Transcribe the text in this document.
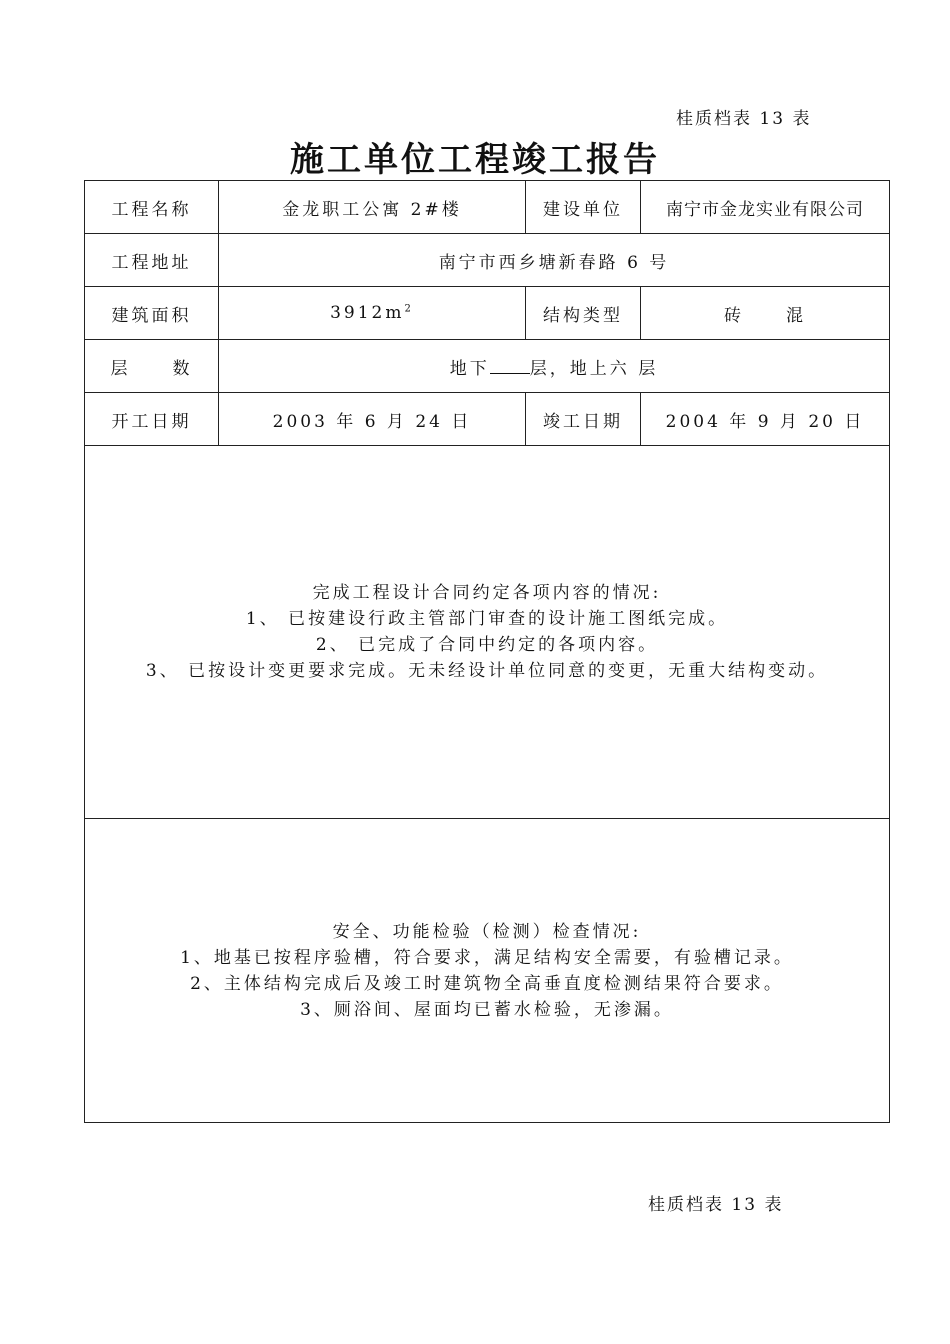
桂质档表 13 表
施工单位工程竣工报告
工程名称	金龙职工公寓 2#楼	建设单位	南宁市金龙实业有限公司
工程地址	南宁市西乡塘新春路 6 号		
建筑面积	$3912m^2$	结构类型	砖 混
层 数	地下 层，地上六 层		
开工日期	2003 年 6 月 24 日	竣工日期	2004 年 9 月 20 日

完成工程设计合同约定各项内容的情况:
1、 已按建设行政主管部门审查的设计施工图纸完成。
2、 已完成了合同中约定的各项内容。
3、 已按设计变更要求完成。无未经设计单位同意的变更，无重大结构变动。			

安全、功能检验（检测）检查情况:
1、地基已按程序验槽，符合要求，满足结构安全需要，有验槽记录。
2、主体结构完成后及竣工时建筑物全高垂直度检测结果符合要求。
3、厕浴间、屋面均已蓄水检验，无渗漏。			
桂质档表 13 表
